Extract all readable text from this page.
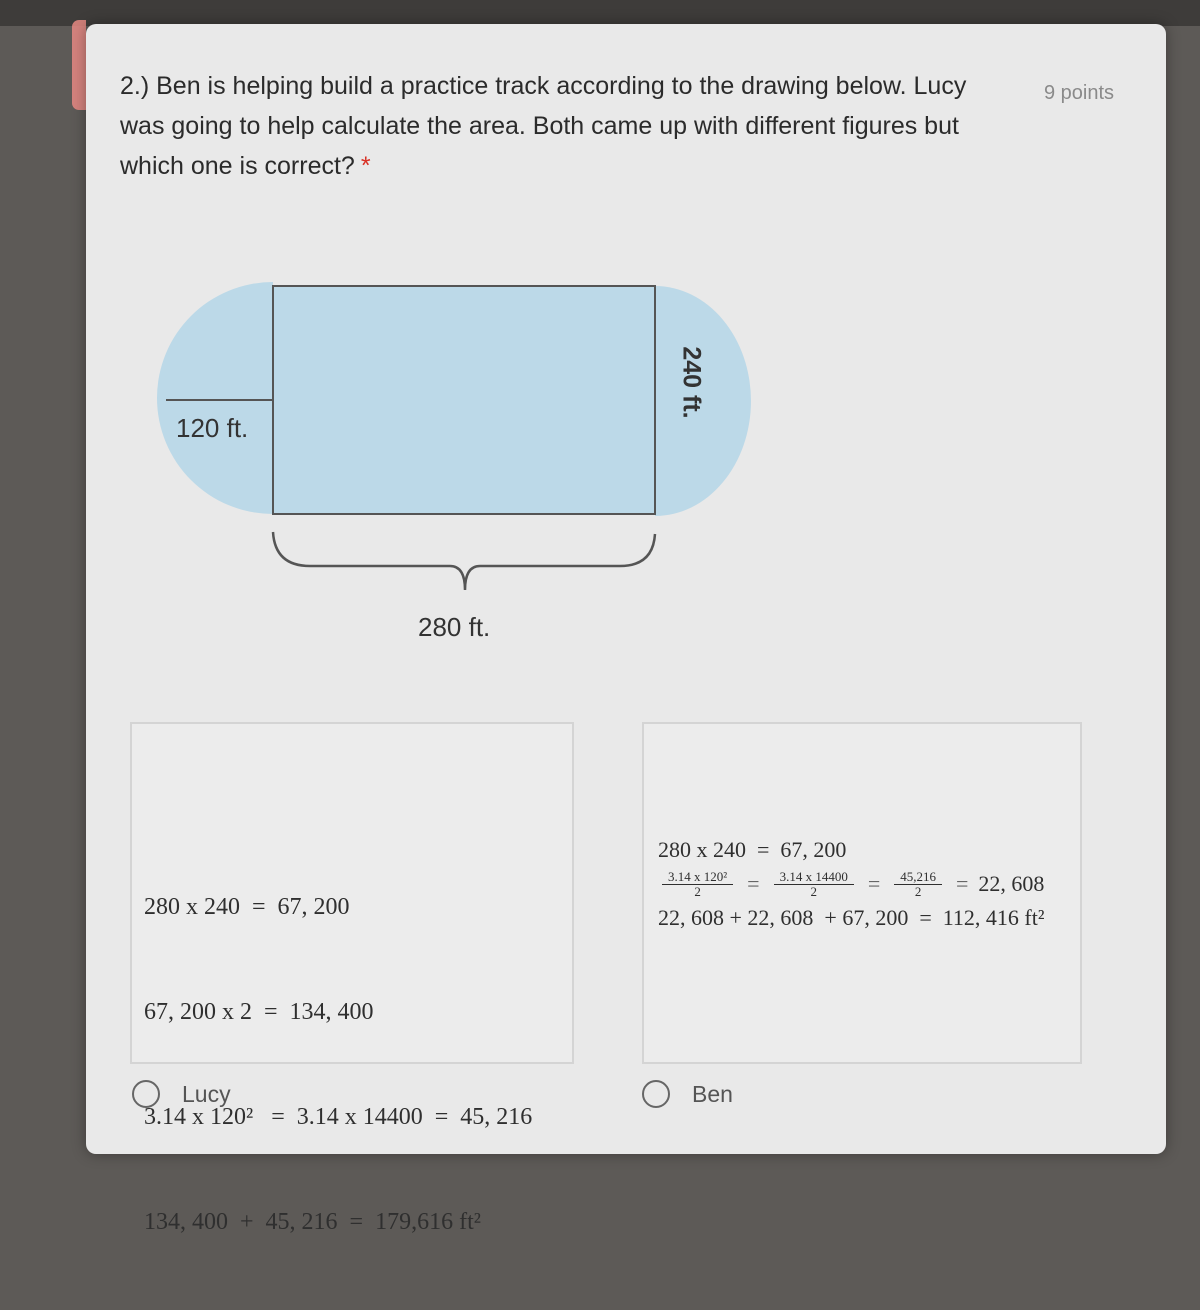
2.) Ben is helping build a practice track according to the drawing below. Lucy was going to help calculate the area. Both came up with different figures but which one is correct? *
9 points
120 ft.
240 ft.
280 ft.

280 x 240  =  67, 200

67, 200 x 2  =  134, 400

3.14 x 120²   =  3.14 x 14400  =  45, 216

134, 400  +  45, 216  =  179,616 ft²

280 x 240  =  67, 200
$\frac{\text{3.14 x 120²}}{2} = \frac{3.14 x 14400}{2} = \frac{45,216}{2} = 22$, 608
22, 608 + 22, 608  + 67, 200  =  112, 416 ft²
Lucy	Ben
